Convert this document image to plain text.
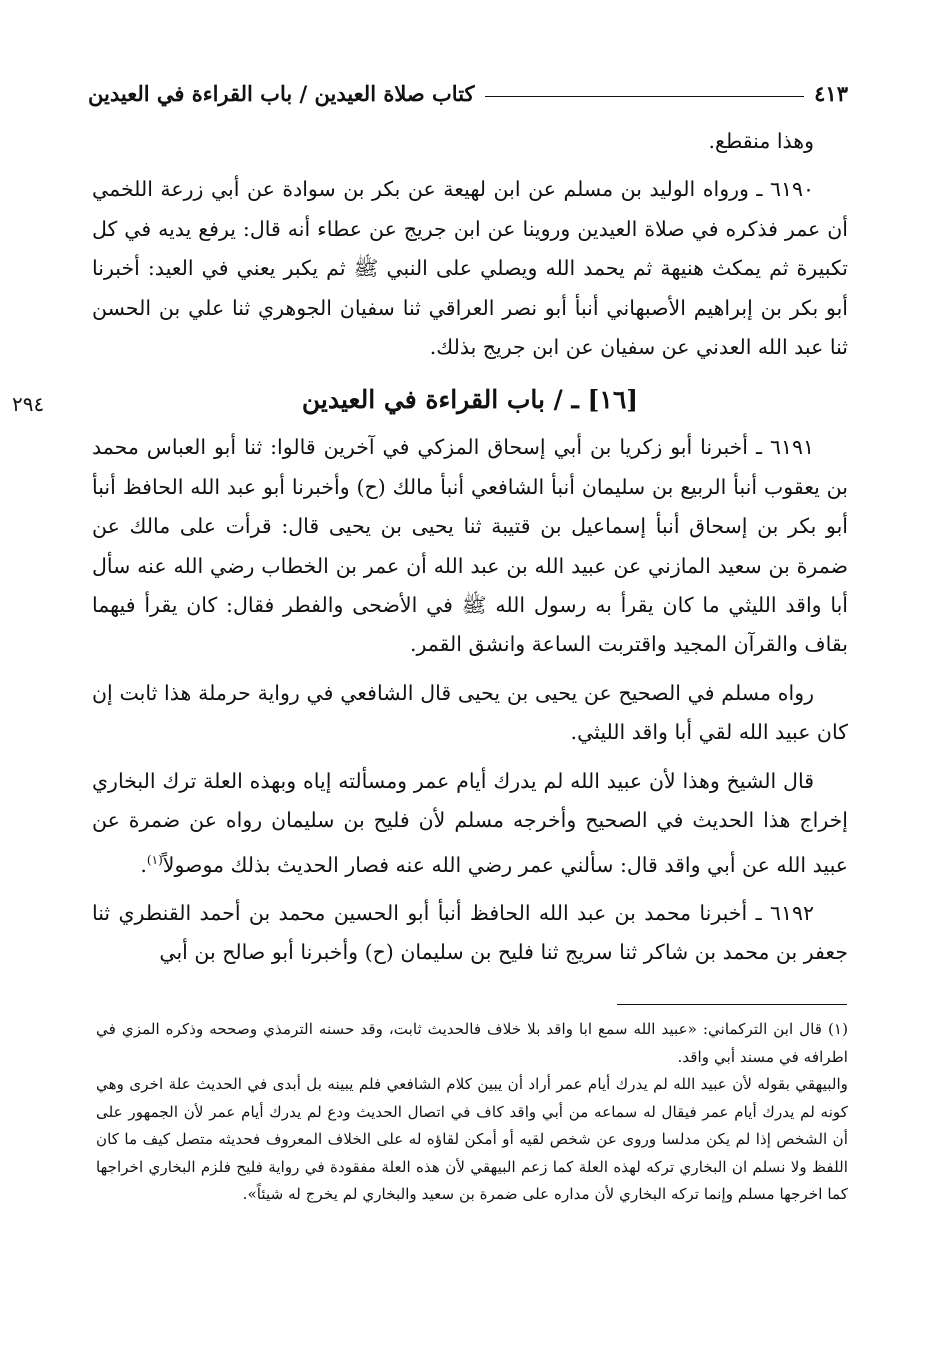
كتاب صلاة العيدين / باب القراءة في العيدين	٤١٣
٢٩٤

وهذا منقطع.

٦١٩٠ ـ ورواه الوليد بن مسلم عن ابن لهيعة عن بكر بن سوادة عن أبي زرعة اللخمي أن عمر فذكره في صلاة العيدين وروينا عن ابن جريج عن عطاء أنه قال: يرفع يديه في كل تكبيرة ثم يمكث هنيهة ثم يحمد الله ويصلي على النبي ﷺ ثم يكبر يعني في العيد: أخبرنا أبو بكر بن إبراهيم الأصبهاني أنبأ أبو نصر العراقي ثنا سفيان الجوهري ثنا علي بن الحسن ثنا عبد الله العدني عن سفيان عن ابن جريج بذلك.

[١٦] ـ / باب القراءة في العيدين

٦١٩١ ـ أخبرنا أبو زكريا بن أبي إسحاق المزكي في آخرين قالوا: ثنا أبو العباس محمد بن يعقوب أنبأ الربيع بن سليمان أنبأ الشافعي أنبأ مالك (ح) وأخبرنا أبو عبد الله الحافظ أنبأ أبو بكر بن إسحاق أنبأ إسماعيل بن قتيبة ثنا يحيى بن يحيى قال: قرأت على مالك عن ضمرة بن سعيد المازني عن عبيد الله بن عبد الله أن عمر بن الخطاب رضي الله عنه سأل أبا واقد الليثي ما كان يقرأ به رسول الله ﷺ في الأضحى والفطر فقال: كان يقرأ فيهما بقاف والقرآن المجيد واقتربت الساعة وانشق القمر.

رواه مسلم في الصحيح عن يحيى بن يحيى قال الشافعي في رواية حرملة هذا ثابت إن كان عبيد الله لقي أبا واقد الليثي.

قال الشيخ وهذا لأن عبيد الله لم يدرك أيام عمر ومسألته إياه وبهذه العلة ترك البخاري إخراج هذا الحديث في الصحيح وأخرجه مسلم لأن فليح بن سليمان رواه عن ضمرة عن عبيد الله عن أبي واقد قال: سألني عمر رضي الله عنه فصار الحديث بذلك موصولاً$^{(١)}$.

٦١٩٢ ـ أخبرنا محمد بن عبد الله الحافظ أنبأ أبو الحسين محمد بن أحمد القنطري ثنا جعفر بن محمد بن شاكر ثنا سريج ثنا فليح بن سليمان (ح) وأخبرنا أبو صالح بن أبي

(١) قال ابن التركماني: «عبيد الله سمع ابا واقد بلا خلاف فالحديث ثابت، وقد حسنه الترمذي وصححه وذكره المزي في اطرافه في مسند أبي واقد.

والبيهقي بقوله لأن عبيد الله لم يدرك أيام عمر أراد أن يبين كلام الشافعي فلم يبينه بل أبدى في الحديث علة اخرى وهي كونه لم يدرك أيام عمر فيقال له سماعه من أبي واقد كاف في اتصال الحديث ودع لم يدرك أيام عمر لأن الجمهور على أن الشخص إذا لم يكن مدلسا وروى عن شخص لقيه أو أمكن لقاؤه له على الخلاف المعروف فحديثه متصل كيف ما كان اللفظ ولا نسلم ان البخاري تركه لهذه العلة كما زعم البيهقي لأن هذه العلة مفقودة في رواية فليح فلزم البخاري اخراجها كما اخرجها مسلم وإنما تركه البخاري لأن مداره على ضمرة بن سعيد والبخاري لم يخرج له شيئاً».
